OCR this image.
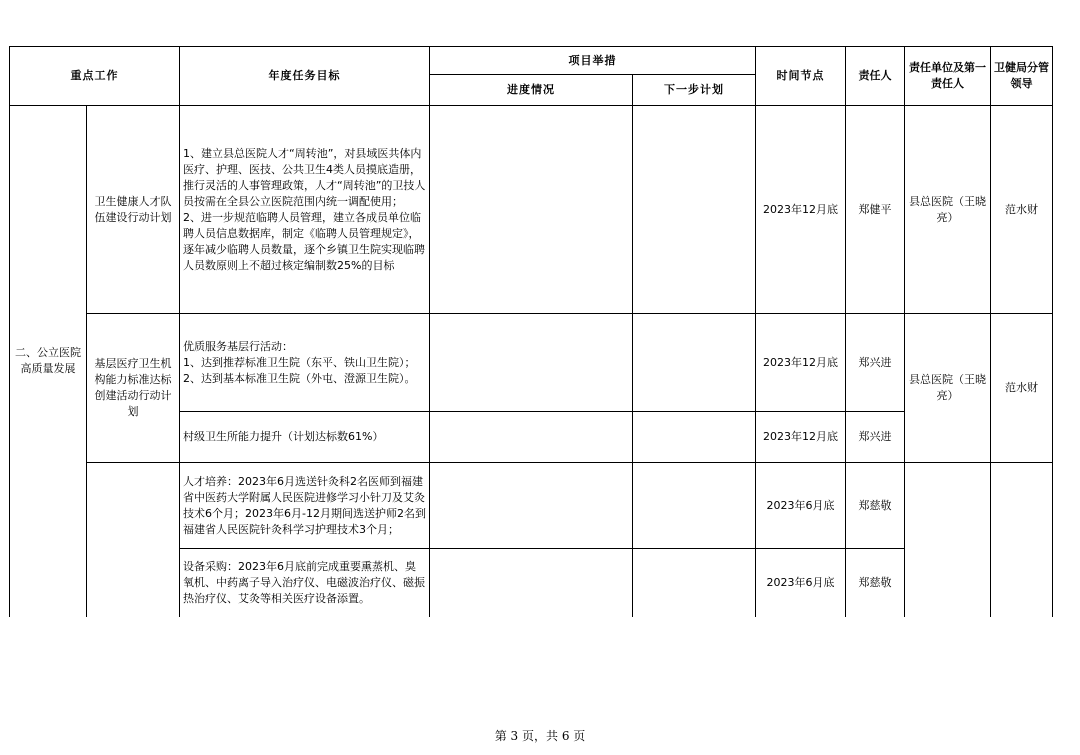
重点工作		年度任务目标	项目举措		时间节点	责任人	责任单位及第一责任人	卫健局分管领导
			进度情况	下一步计划				
二、公立医院高质量发展	卫生健康人才队伍建设行动计划	1、建立县总医院人才“周转池”，对县域医共体内医疗、护理、医技、公共卫生4类人员摸底造册，推行灵活的人事管理政策，人才“周转池”的卫技人员按需在全县公立医院范围内统一调配使用；
2、进一步规范临聘人员管理，建立各成员单位临聘人员信息数据库，制定《临聘人员管理规定》，逐年减少临聘人员数量，逐个乡镇卫生院实现临聘人员数原则上不超过核定编制数25%的目标			2023年12月底	郑健平	县总医院（王晓亮）	范水财
	基层医疗卫生机构能力标准达标创建活动行动计划	优质服务基层行活动：
1、达到推荐标准卫生院（东平、铁山卫生院）；
2、达到基本标准卫生院（外屯、澄源卫生院）。			2023年12月底	郑兴进	县总医院（王晓亮）	范水财
		村级卫生所能力提升（计划达标数61%）			2023年12月底	郑兴进		
		人才培养：2023年6月选送针灸科2名医师到福建省中医药大学附属人民医院进修学习小针刀及艾灸技术6个月；2023年6月-12月期间选送护师2名到福建省人民医院针灸科学习护理技术3个月；			2023年6月底	郑慈敬		
		设备采购：2023年6月底前完成重要熏蒸机、臭氧机、中药离子导入治疗仪、电磁波治疗仪、磁振热治疗仪、艾灸等相关医疗设备添置。			2023年6月底	郑慈敬		
第 3 页，共 6 页
